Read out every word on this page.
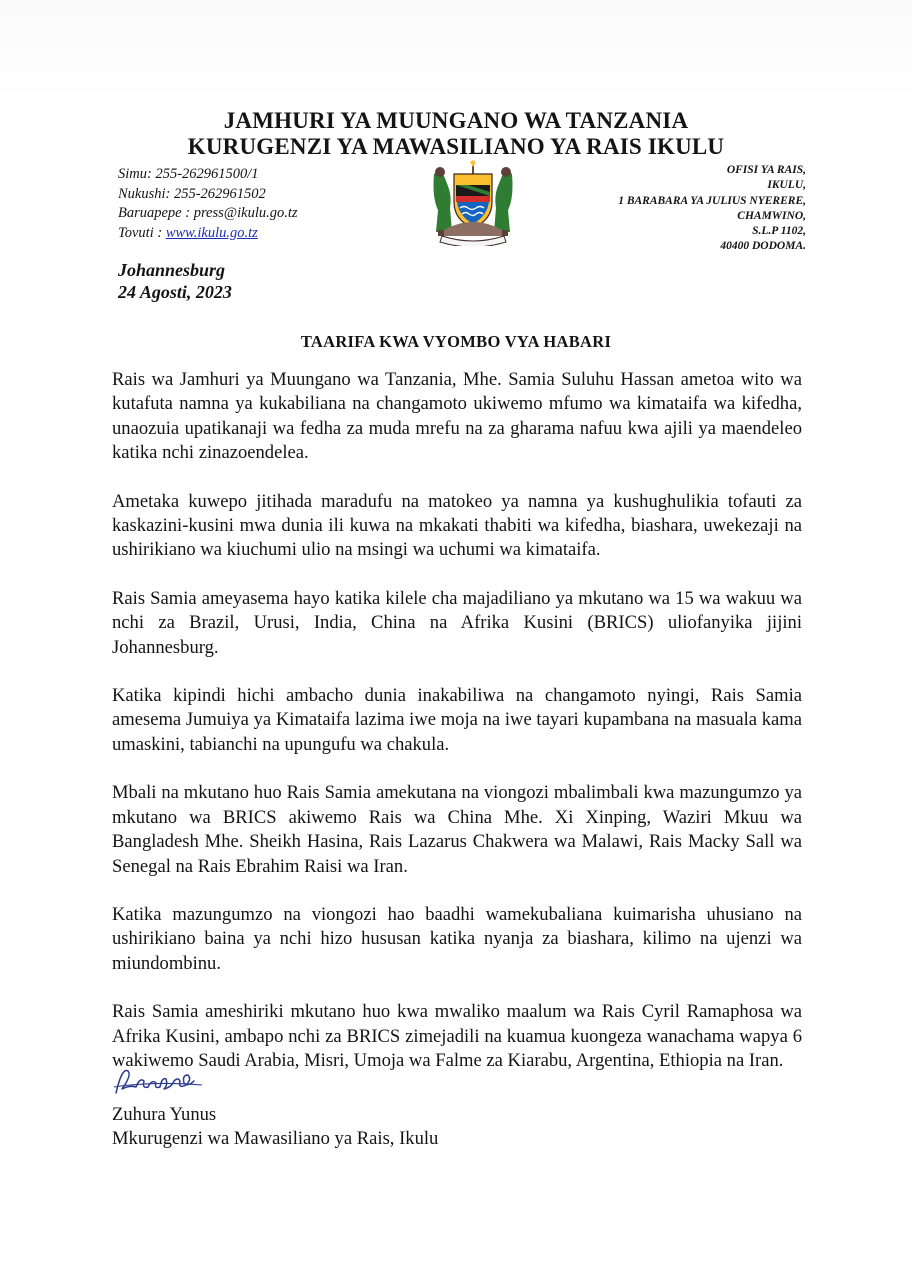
JAMHURI YA MUUNGANO WA TANZANIA
KURUGENZI YA MAWASILIANO YA RAIS IKULU
Simu: 255-262961500/1
Nukushi: 255-262961502
Baruapepe : press@ikulu.go.tz
Tovuti : www.ikulu.go.tz
OFISI YA RAIS,
IKULU,
1 BARABARA YA JULIUS NYERERE,
CHAMWINO,
S.L.P 1102,
40400 DODOMA.
Johannesburg
24 Agosti, 2023
TAARIFA KWA VYOMBO VYA HABARI

Rais wa Jamhuri ya Muungano wa Tanzania, Mhe. Samia Suluhu Hassan ametoa wito wa kutafuta namna ya kukabiliana na changamoto ukiwemo mfumo wa kimataifa wa kifedha, unaozuia upatikanaji wa fedha za muda mrefu na za gharama nafuu kwa ajili ya maendeleo katika nchi zinazoendelea.

Ametaka kuwepo jitihada maradufu na matokeo ya namna ya kushughulikia tofauti za kaskazini-kusini mwa dunia ili kuwa na mkakati thabiti wa kifedha, biashara, uwekezaji na ushirikiano wa kiuchumi ulio na msingi wa uchumi wa kimataifa.

Rais Samia ameyasema hayo katika kilele cha majadiliano ya mkutano wa 15 wa wakuu wa nchi za Brazil, Urusi, India, China na Afrika Kusini (BRICS) uliofanyika jijini Johannesburg.

Katika kipindi hichi ambacho dunia inakabiliwa na changamoto nyingi, Rais Samia amesema Jumuiya ya Kimataifa lazima iwe moja na iwe tayari kupambana na masuala kama umaskini, tabianchi na upungufu wa chakula.

Mbali na mkutano huo Rais Samia amekutana na viongozi mbalimbali kwa mazungumzo ya mkutano wa BRICS akiwemo Rais wa China Mhe. Xi Xinping, Waziri Mkuu wa Bangladesh Mhe. Sheikh Hasina, Rais Lazarus Chakwera wa Malawi, Rais Macky Sall wa Senegal na Rais Ebrahim Raisi wa Iran.

Katika mazungumzo na viongozi hao baadhi wamekubaliana kuimarisha uhusiano na ushirikiano baina ya nchi hizo hususan katika nyanja za biashara, kilimo na ujenzi wa miundombinu.

Rais Samia ameshiriki mkutano huo kwa mwaliko maalum wa Rais Cyril Ramaphosa wa Afrika Kusini, ambapo nchi za BRICS zimejadili na kuamua kuongeza wanachama wapya 6 wakiwemo Saudi Arabia, Misri, Umoja wa Falme za Kiarabu, Argentina, Ethiopia na Iran.

Zuhura Yunus
Mkurugenzi wa Mawasiliano ya Rais, Ikulu
